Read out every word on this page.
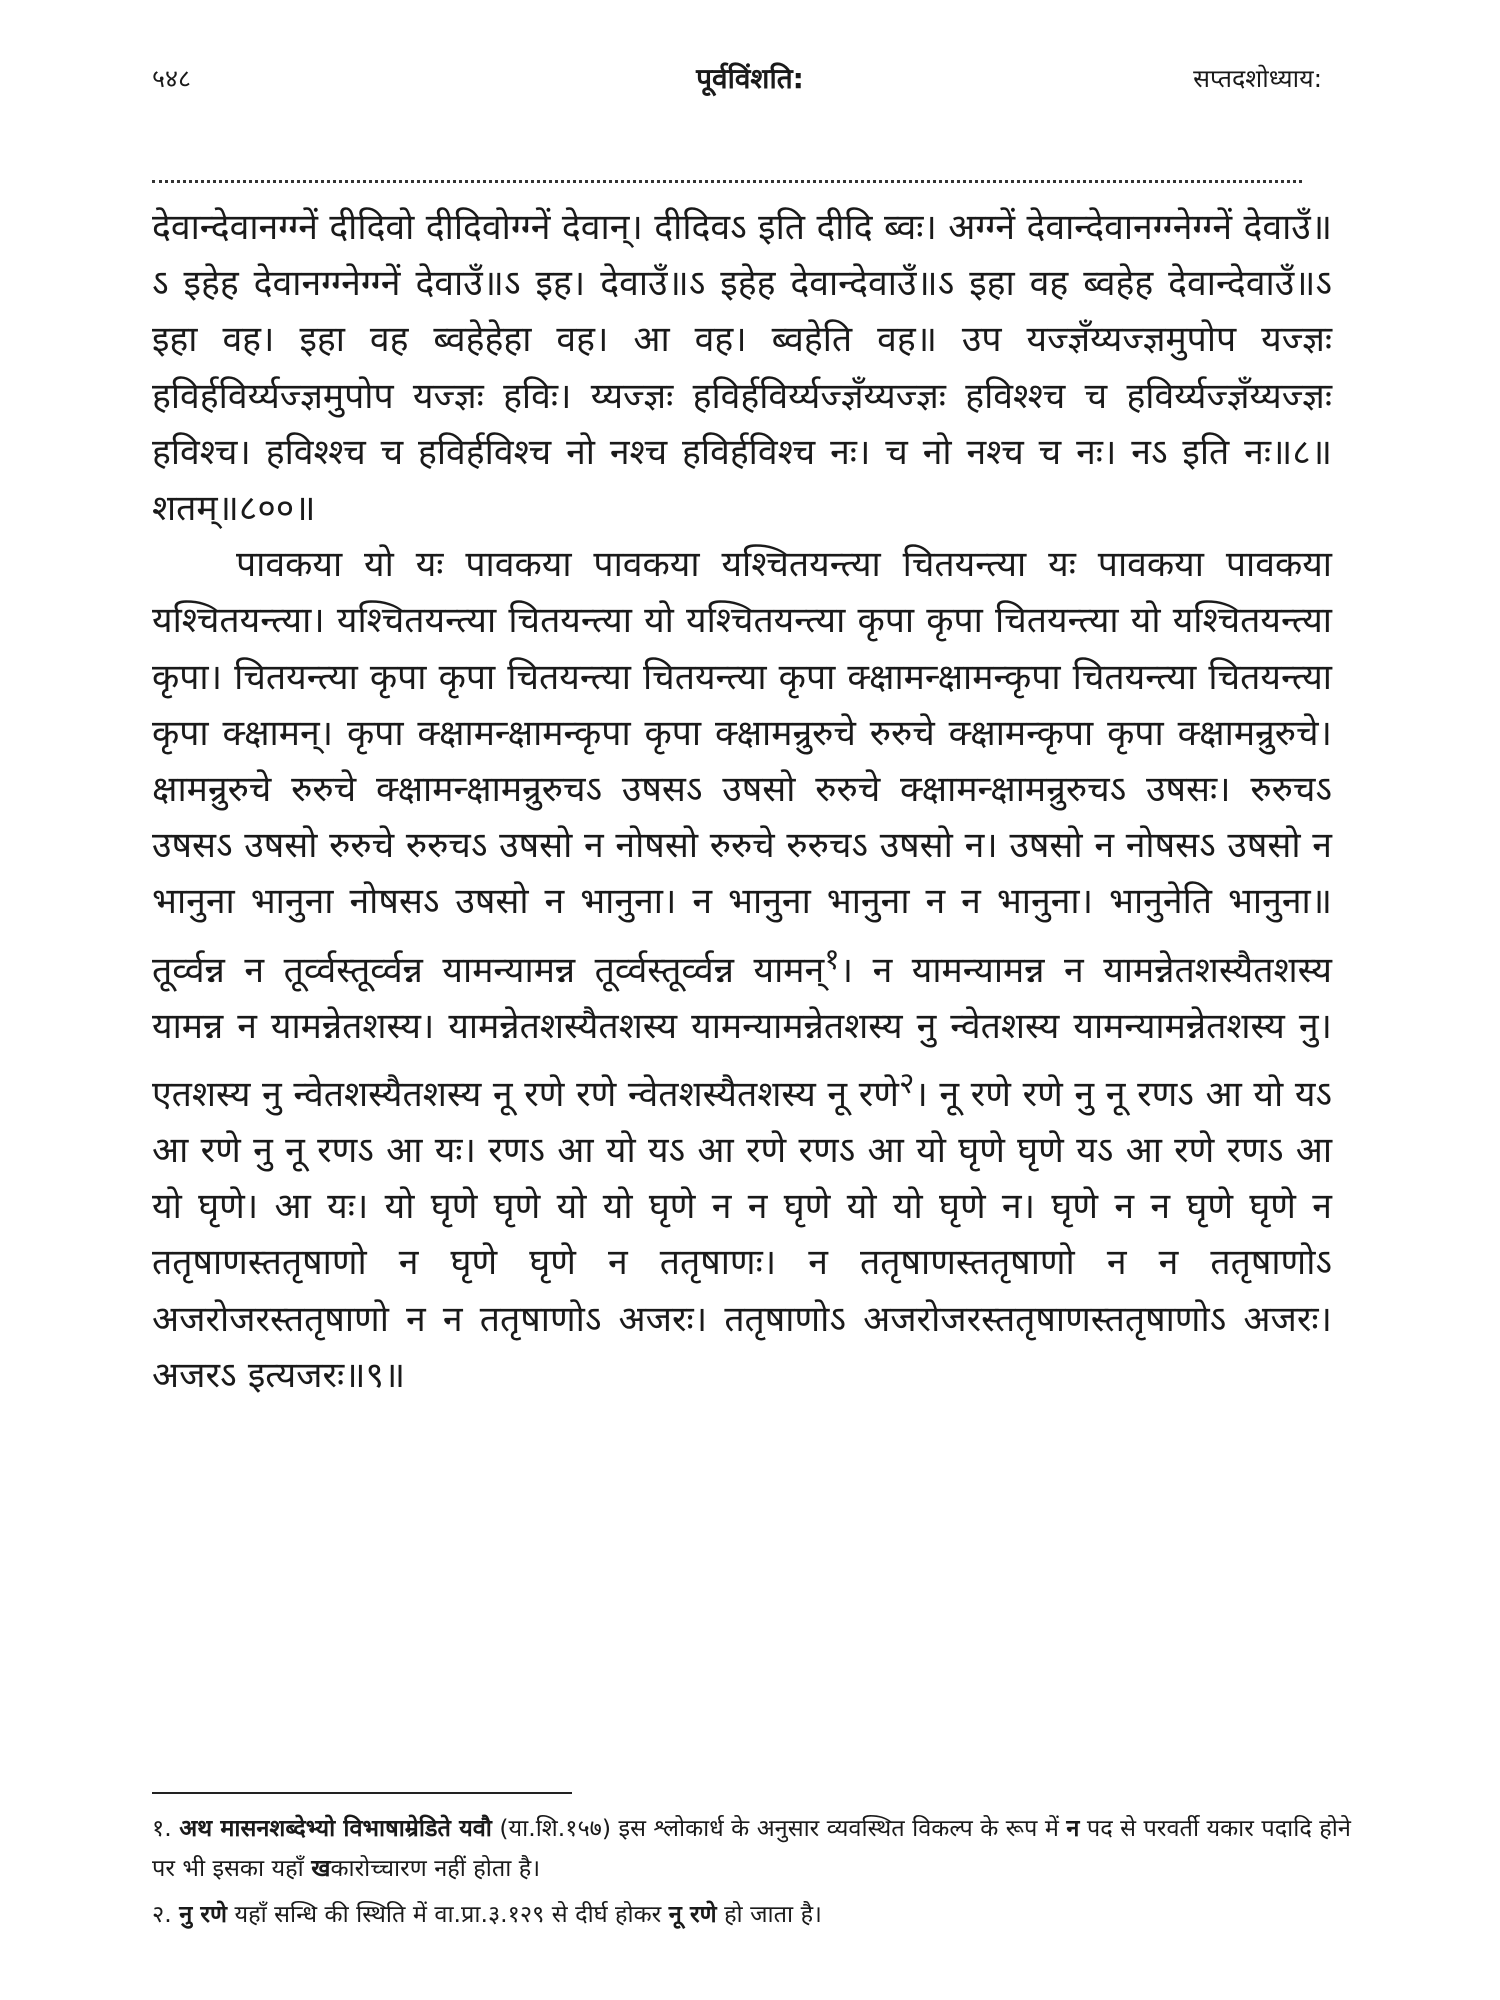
५४८	पूर्वविंशति:	सप्तदशोध्याय:

देवान्देवानग्ग्नें दीदिवो दीदिवोग्ग्नें देवान्। दीदिवऽ इति दीदि ब्वः। अग्ग्नें देवान्देवानग्ग्नेग्ग्नें देवाउँ॥ऽ इहेह देवानग्ग्नेग्ग्नें देवाउँ॥ऽ इह। देवाउँ॥ऽ इहेह देवान्देवाउँ॥ऽ इहा वह ब्वहेह देवान्देवाउँ॥ऽ इहा वह। इहा वह ब्वहेहेहा वह। आ वह। ब्वहेति वह॥ उप यज्ज्ञँय्यज्ज्ञमुपोप यज्ज्ञः हविर्हविर्य्यज्ज्ञमुपोप यज्ज्ञः हविः। य्यज्ज्ञः हविर्हविर्य्यज्ज्ञँय्यज्ज्ञः हविश्श्च च हविर्य्यज्ज्ञँय्यज्ज्ञः हविश्च। हविश्श्च च हविर्हविश्च नो नश्च हविर्हविश्च नः। च नो नश्च च नः। नऽ इति नः॥८॥शतम्॥८००॥

पावकया यो यः पावकया पावकया यश्चितयन्त्या चितयन्त्या यः पावकया पावकया यश्चितयन्त्या। यश्चितयन्त्या चितयन्त्या यो यश्चितयन्त्या कृपा कृपा चितयन्त्या यो यश्चितयन्त्या कृपा। चितयन्त्या कृपा कृपा चितयन्त्या चितयन्त्या कृपा क्क्षामन्क्षामन्कृपा चितयन्त्या चितयन्त्या कृपा क्क्षामन्। कृपा क्क्षामन्क्षामन्कृपा कृपा क्क्षामन्रुरुचे रुरुचे क्क्षामन्कृपा कृपा क्क्षामन्रुरुचे। क्षामन्रुरुचे रुरुचे क्क्षामन्क्षामन्रुरुचऽ उषसऽ उषसो रुरुचे क्क्षामन्क्षामन्रुरुचऽ उषसः। रुरुचऽ उषसऽ उषसो रुरुचे रुरुचऽ उषसो न नोषसो रुरुचे रुरुचऽ उषसो न। उषसो न नोषसऽ उषसो न भानुना भानुना नोषसऽ उषसो न भानुना। न भानुना भानुना न न भानुना। भानुनेति भानुना॥ तूर्व्वन्न न तूर्व्वस्तूर्व्वन्न यामन्यामन्न तूर्व्वस्तूर्व्वन्न यामन्$^१$। न यामन्यामन्न न यामन्नेतशस्यैतशस्य यामन्न न यामन्नेतशस्य। यामन्नेतशस्यैतशस्य यामन्यामन्नेतशस्य नु न्वेतशस्य यामन्यामन्नेतशस्य नु। एतशस्य नु न्वेतशस्यैतशस्य नू रणे रणे न्वेतशस्यैतशस्य नू रणे$^२$। नू रणे रणे नु नू रणऽ आ यो यऽ आ रणे नु नू रणऽ आ यः। रणऽ आ यो यऽ आ रणे रणऽ आ यो घृणे घृणे यऽ आ रणे रणऽ आ यो घृणे। आ यः। यो घृणे घृणे यो यो घृणे न न घृणे यो यो घृणे न। घृणे न न घृणे घृणे न ततृषाणस्ततृषाणो न घृणे घृणे न ततृषाणः। न ततृषाणस्ततृषाणो न न ततृषाणोऽ अजरोजरस्ततृषाणो न न ततृषाणोऽ अजरः। ततृषाणोऽ अजरोजरस्ततृषाणस्ततृषाणोऽ अजरः। अजरऽ इत्यजरः॥९॥

१. अथ मासनशब्देभ्यो विभाषाम्रेडिते यवौ (या.शि.१५७) इस श्लोकार्ध के अनुसार व्यवस्थित विकल्प के रूप में न पद से परवर्ती यकार पदादि होने पर भी इसका यहाँ खकारोच्चारण नहीं होता है।

२. नु रणे यहाँ सन्धि की स्थिति में वा.प्रा.३.१२९ से दीर्घ होकर नू रणे हो जाता है।
